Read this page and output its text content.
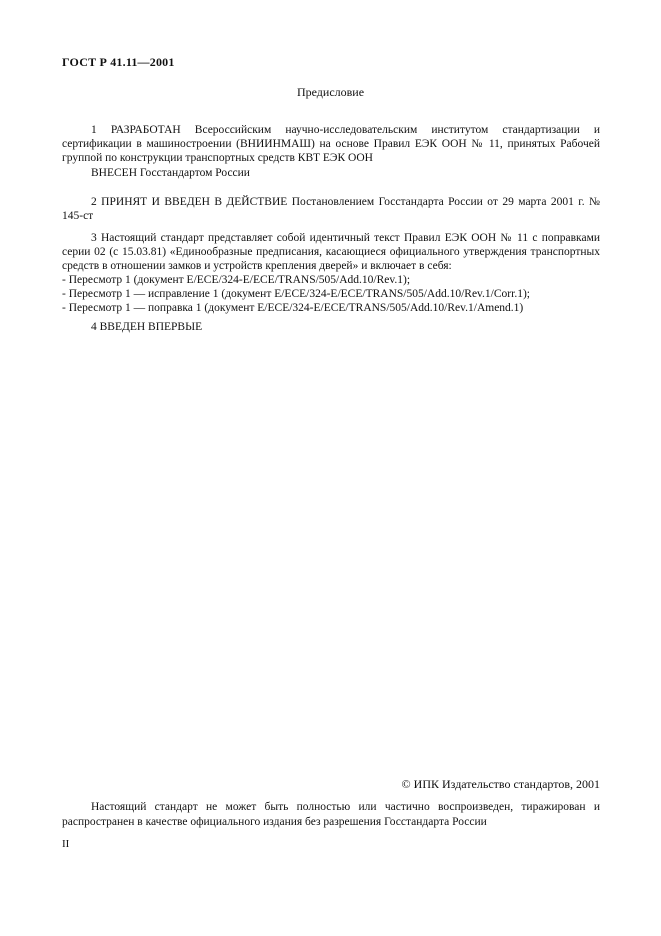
ГОСТ Р 41.11—2001
Предисловие

1 РАЗРАБОТАН Всероссийским научно-исследовательским институтом стандартизации и сертификации в машиностроении (ВНИИНМАШ) на основе Правил ЕЭК ООН № 11, принятых Рабочей группой по конструкции транспортных средств КВТ ЕЭК ООН

ВНЕСЕН Госстандартом России

2 ПРИНЯТ И ВВЕДЕН В ДЕЙСТВИЕ Постановлением Госстандарта России от 29 марта 2001 г. № 145-ст

3 Настоящий стандарт представляет собой идентичный текст Правил ЕЭК ООН № 11 с поправками серии 02 (с 15.03.81) «Единообразные предписания, касающиеся официального утверждения транспортных средств в отношении замков и устройств крепления дверей» и включает в себя:

- Пересмотр 1 (документ E/ECE/324-E/ECE/TRANS/505/Add.10/Rev.1);
- Пересмотр 1 — исправление 1 (документ E/ECE/324-E/ECE/TRANS/505/Add.10/Rev.1/Corr.1);
- Пересмотр 1 — поправка 1 (документ E/ECE/324-E/ECE/TRANS/505/Add.10/Rev.1/Amend.1)

4 ВВЕДЕН ВПЕРВЫЕ

© ИПК Издательство стандартов, 2001

Настоящий стандарт не может быть полностью или частично воспроизведен, тиражирован и распространен в качестве официального издания без разрешения Госстандарта России

II
